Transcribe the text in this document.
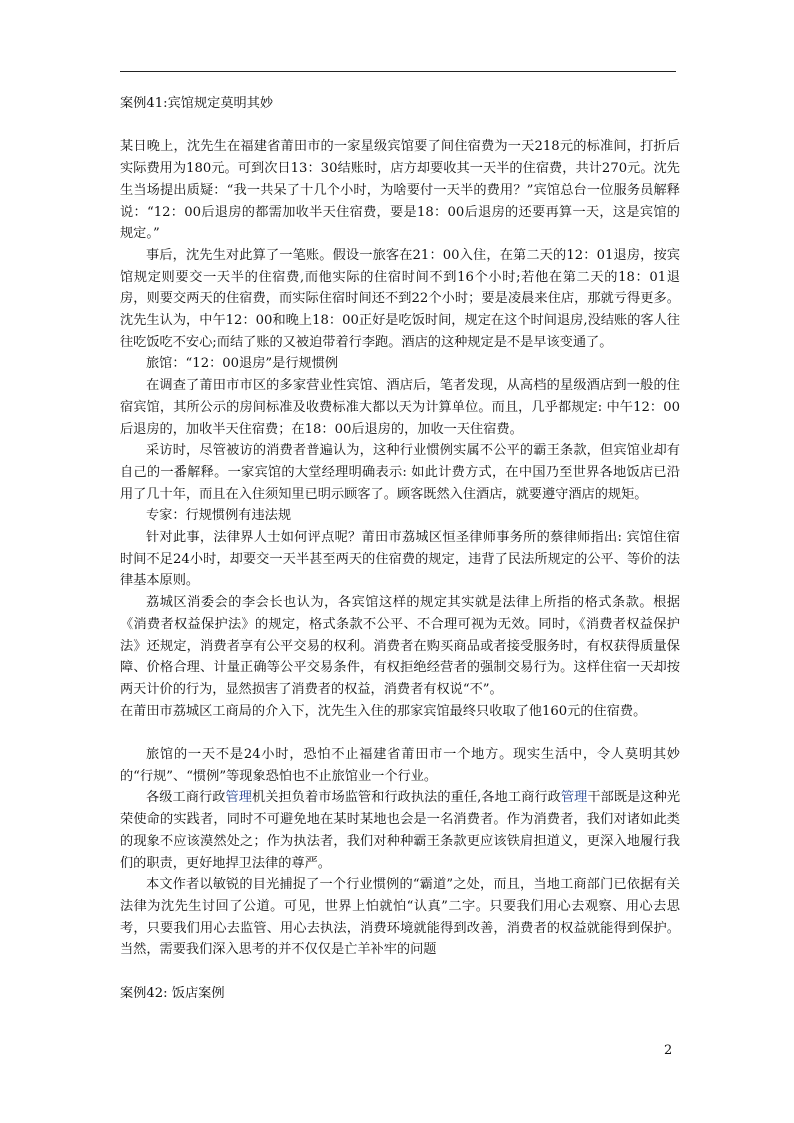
案例41:宾馆规定莫明其妙

某日晚上，沈先生在福建省莆田市的一家星级宾馆要了间住宿费为一天218元的标准间，打折后实际费用为180元。可到次日13：30结账时，店方却要收其一天半的住宿费，共计270元。沈先生当场提出质疑：“我一共呆了十几个小时，为啥要付一天半的费用？”宾馆总台一位服务员解释说：“12：00后退房的都需加收半天住宿费，要是18：00后退房的还要再算一天，这是宾馆的规定。”

事后，沈先生对此算了一笔账。假设一旅客在21：00入住，在第二天的12：01退房，按宾馆规定则要交一天半的住宿费,而他实际的住宿时间不到16个小时;若他在第二天的18：01退房，则要交两天的住宿费，而实际住宿时间还不到22个小时；要是凌晨来住店，那就亏得更多。沈先生认为，中午12：00和晚上18：00正好是吃饭时间，规定在这个时间退房,没结账的客人往往吃饭吃不安心;而结了账的又被迫带着行李跑。酒店的这种规定是不是早该变通了。

旅馆：“12：00退房”是行规惯例

在调查了莆田市市区的多家营业性宾馆、酒店后，笔者发现，从高档的星级酒店到一般的住宿宾馆，其所公示的房间标准及收费标准大都以天为计算单位。而且，几乎都规定: 中午12：00后退房的，加收半天住宿费；在18：00后退房的，加收一天住宿费。

采访时，尽管被访的消费者普遍认为，这种行业惯例实属不公平的霸王条款，但宾馆业却有自己的一番解释。一家宾馆的大堂经理明确表示: 如此计费方式，在中国乃至世界各地饭店已沿用了几十年，而且在入住须知里已明示顾客了。顾客既然入住酒店，就要遵守酒店的规矩。

专家：行规惯例有违法规

针对此事，法律界人士如何评点呢？莆田市荔城区恒圣律师事务所的蔡律师指出: 宾馆住宿时间不足24小时，却要交一天半甚至两天的住宿费的规定，违背了民法所规定的公平、等价的法律基本原则。

荔城区消委会的李会长也认为，各宾馆这样的规定其实就是法律上所指的格式条款。根据《消费者权益保护法》的规定，格式条款不公平、不合理可视为无效。同时，《消费者权益保护法》还规定，消费者享有公平交易的权利。消费者在购买商品或者接受服务时，有权获得质量保障、价格合理、计量正确等公平交易条件，有权拒绝经营者的强制交易行为。这样住宿一天却按两天计价的行为，显然损害了消费者的权益，消费者有权说“不”。

在莆田市荔城区工商局的介入下，沈先生入住的那家宾馆最终只收取了他160元的住宿费。

旅馆的一天不是24小时，恐怕不止福建省莆田市一个地方。现实生活中，令人莫明其妙的“行规”、“惯例”等现象恐怕也不止旅馆业一个行业。

各级工商行政管理机关担负着市场监管和行政执法的重任,各地工商行政管理干部既是这种光荣使命的实践者，同时不可避免地在某时某地也会是一名消费者。作为消费者，我们对诸如此类的现象不应该漠然处之；作为执法者，我们对种种霸王条款更应该铁肩担道义，更深入地履行我们的职责，更好地捍卫法律的尊严。

本文作者以敏锐的目光捕捉了一个行业惯例的“霸道”之处，而且，当地工商部门已依据有关法律为沈先生讨回了公道。可见，世界上怕就怕“认真”二字。只要我们用心去观察、用心去思考，只要我们用心去监管、用心去执法，消费环境就能得到改善，消费者的权益就能得到保护。当然，需要我们深入思考的并不仅仅是亡羊补牢的问题

案例42: 饭店案例

2
